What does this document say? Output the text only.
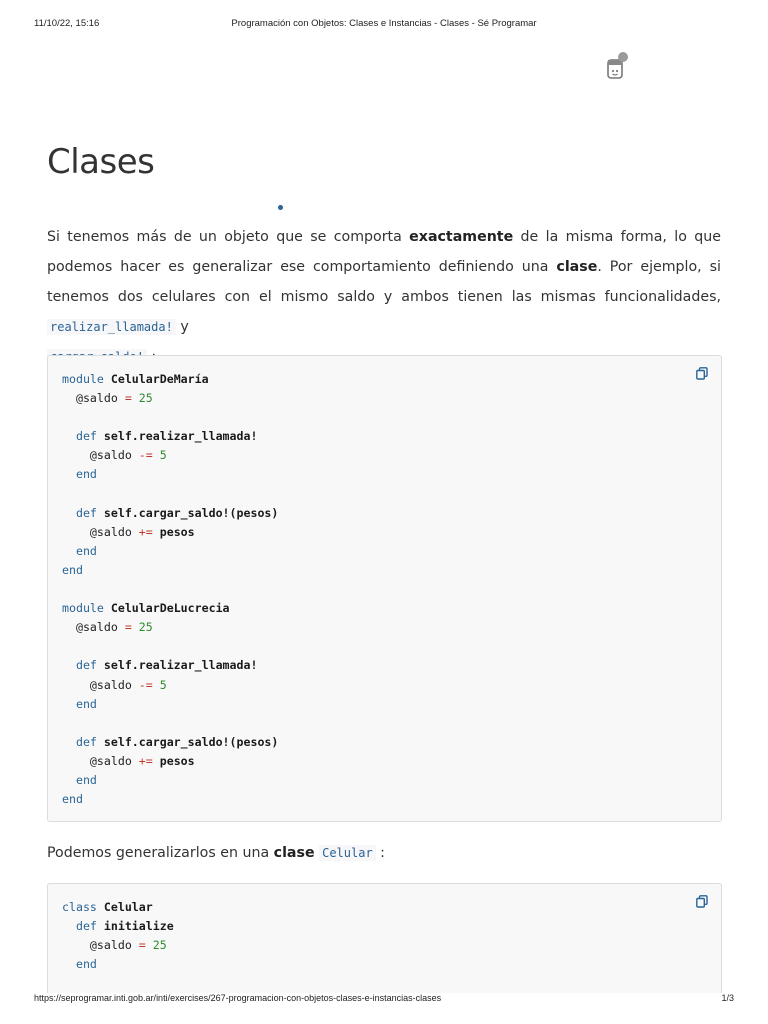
11/10/22, 15:16	Programación con Objetos: Clases e Instancias - Clases - Sé Programar
Clases
Si tenemos más de un objeto que se comporta exactamente de la misma forma, lo que podemos hacer es generalizar ese comportamiento definiendo una clase. Por ejemplo, si tenemos dos celulares con el mismo saldo y ambos tienen las mismas funcionalidades, realizar_llamada! y

module CelularDeMaría
@saldo = 25

def self.realizar_llamada!
@saldo -= 5
end

def self.cargar_saldo!(pesos)
@saldo += pesos
end
end

module CelularDeLucrecia
@saldo = 25

def self.realizar_llamada!
@saldo -= 5
end

def self.cargar_saldo!(pesos)
@saldo += pesos
end
end
Podemos generalizarlos en una clase Celular :
class Celular
def initialize
@saldo = 25
end
https://seprogramar.inti.gob.ar/inti/exercises/267-programacion-con-objetos-clases-e-instancias-clases	1/3
